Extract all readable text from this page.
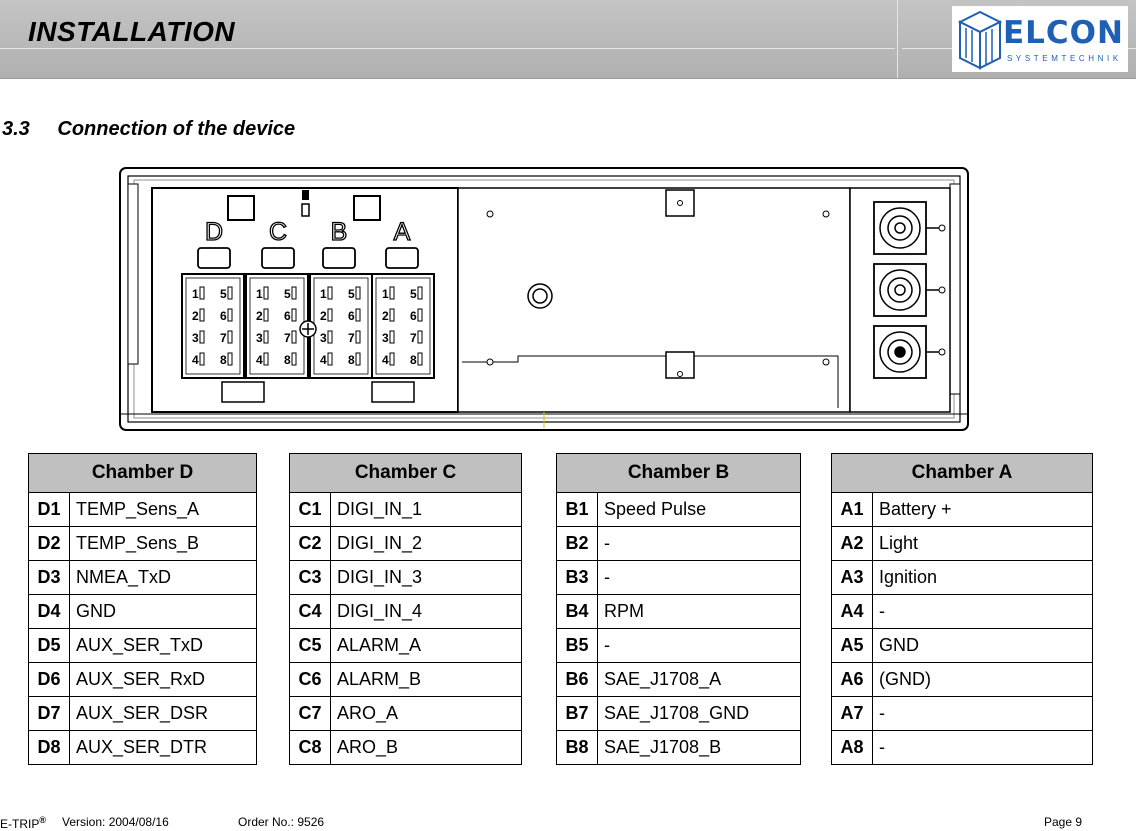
INSTALLATION	ELCON
SYSTEMTECHNIK
3.3 Connection of the device
D C B A
1 5
2 6
3 7
4 8
1 5
2 6
3 7
4 8
1 5
2 6
3 7
4 8
1 5
2 6
3 7
4 8
Chamber D	
D1	TEMP_Sens_A
D2	TEMP_Sens_B
D3	NMEA_TxD
D4	GND
D5	AUX_SER_TxD
D6	AUX_SER_RxD
D7	AUX_SER_DSR
D8	AUX_SER_DTR
Chamber C	
C1	DIGI_IN_1
C2	DIGI_IN_2
C3	DIGI_IN_3
C4	DIGI_IN_4
C5	ALARM_A
C6	ALARM_B
C7	ARO_A
C8	ARO_B
Chamber B	
B1	Speed Pulse
B2	-
B3	-
B4	RPM
B5	-
B6	SAE_J1708_A
B7	SAE_J1708_GND
B8	SAE_J1708_B
Chamber A	
A1	Battery +
A2	Light
A3	Ignition
A4	-
A5	GND
A6	(GND)
A7	-
A8	-
E-TRIP® Version: 2004/08/16	Order No.: 9526	Page 9
